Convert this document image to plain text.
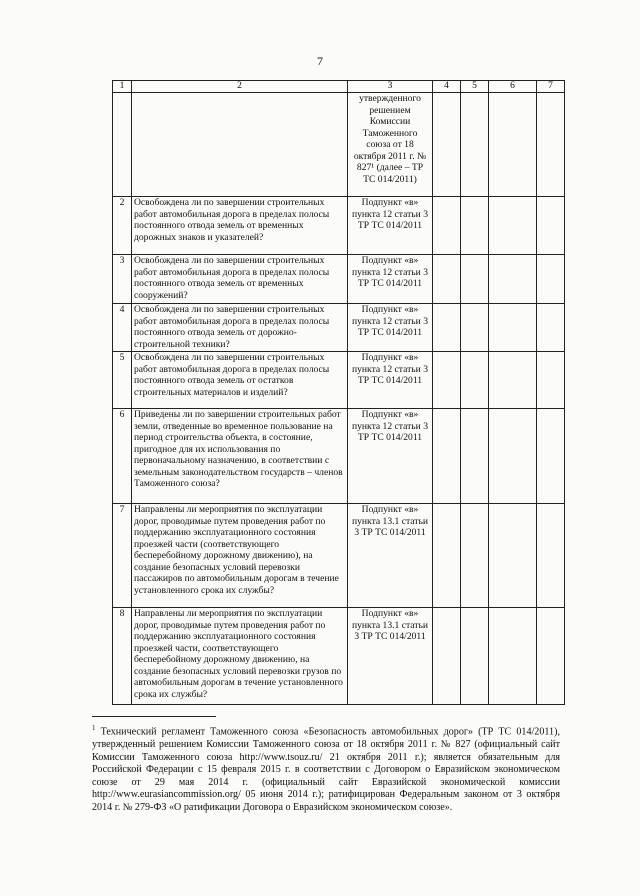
7
1	2	3	4	5	6	7
		утвержденного решением Комиссии Таможенного союза от 18 октября 2011 г. № 827¹ (далее – ТР ТС 014/2011)				
2	Освобождена ли по завершении строительных работ автомобильная дорога в пределах полосы постоянного отвода земель от временных дорожных знаков и указателей?	Подпункт «в» пункта 12 статьи 3 ТР ТС 014/2011				
3	Освобождена ли по завершении строительных работ автомобильная дорога в пределах полосы постоянного отвода земель от временных сооружений?	Подпункт «в» пункта 12 статьи 3 ТР ТС 014/2011				
4	Освобождена ли по завершении строительных работ автомобильная дорога в пределах полосы постоянного отвода земель от дорожно-строительной техники?	Подпункт «в» пункта 12 статьи 3 ТР ТС 014/2011				
5	Освобождена ли по завершении строительных работ автомобильная дорога в пределах полосы постоянного отвода земель от остатков строительных материалов и изделий?	Подпункт «в» пункта 12 статьи 3 ТР ТС 014/2011				
6	Приведены ли по завершении строительных работ земли, отведенные во временное пользование на период строительства объекта, в состояние, пригодное для их использования по первоначальному назначению, в соответствии с земельным законодательством государств – членов Таможенного союза?	Подпункт «в» пункта 12 статьи 3 ТР ТС 014/2011				
7	Направлены ли мероприятия по эксплуатации дорог, проводимые путем проведения работ по поддержанию эксплуатационного состояния проезжей части (соответствующего бесперебойному дорожному движению), на создание безопасных условий перевозки пассажиров по автомобильным дорогам в течение установленного срока их службы?	Подпункт «в» пункта 13.1 статьи 3 ТР ТС 014/2011				
8	Направлены ли мероприятия по эксплуатации дорог, проводимые путем проведения работ по поддержанию эксплуатационного состояния проезжей части, соответствующего бесперебойному дорожному движению, на создание безопасных условий перевозки грузов по автомобильным дорогам в течение установленного срока их службы?	Подпункт «в» пункта 13.1 статьи 3 ТР ТС 014/2011				
$^1$ Технический регламент Таможенного союза «Безопасность автомобильных дорог» (ТР ТС 014/2011), утвержденный решением Комиссии Таможенного союза от 18 октября 2011 г. № 827 (официальный сайт Комиссии Таможенного союза http://www.tsouz.ru/ 21 октября 2011 г.); является обязательным для Российской Федерации с 15 февраля 2015 г. в соответствии с Договором о Евразийском экономическом союзе от 29 мая 2014 г. (официальный сайт Евразийской экономической комиссии http://www.eurasiancommission.org/ 05 июня 2014 г.); ратифицирован Федеральным законом от 3 октября 2014 г. № 279-ФЗ «О ратификации Договора о Евразийском экономическом союзе».
